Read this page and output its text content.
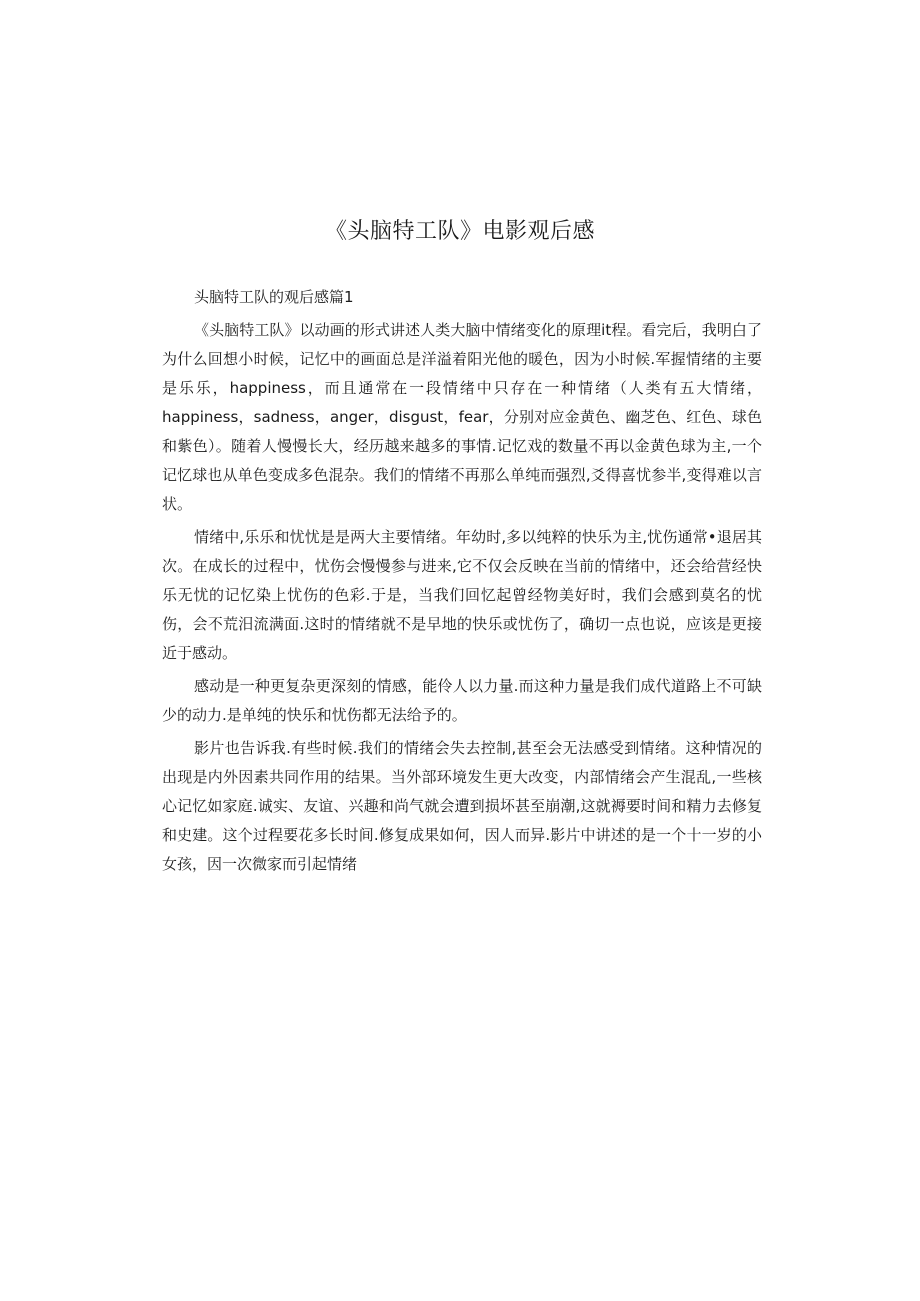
《头脑特工队》电影观后感

头脑特工队的观后感篇1

《头脑特工队》以动画的形式讲述人类大脑中情绪变化的原理it程。看完后，我明白了为什么回想小时候，记忆中的画面总是洋溢着阳光他的暖色，因为小时候.军握情绪的主要是乐乐，happiness，而且通常在一段情绪中只存在一种情绪（人类有五大情绪，happiness，sadness，anger，disgust，fear，分别对应金黄色、幽芝色、红色、球色和紫色）。随着人慢慢长大，经历越来越多的事情.记忆戏的数量不再以金黄色球为主,一个记忆球也从单色变成多色混杂。我们的情绪不再那么单纯而强烈,爻得喜忧参半,变得难以言状。

情绪中,乐乐和忧忧是是两大主要情绪。年幼时,多以纯粹的快乐为主,忧伤通常•退居其次。在成长的过程中，忧伤会慢慢参与进来,它不仅会反映在当前的情绪中，还会给营经快乐无忧的记忆染上忧伤的色彩.于是，当我们回忆起曾经物美好时，我们会感到莫名的忧伤，会不荒汨流满面.这时的情绪就不是早地的快乐或忧伤了，确切一点也说，应该是更接近于感动。

感动是一种更复杂更深刻的情感，能伶人以力量.而这种力量是我们成代道路上不可缺少的动力.是单纯的快乐和忧伤都无法给予的。

影片也告诉我.有些时候.我们的情绪会失去控制,甚至会无法感受到情绪。这种情况的出现是内外因素共同作用的结果。当外部环境发生更大改变，内部情绪会产生混乱,一些核心记忆如家庭.诚实、友谊、兴趣和尚气就会遭到损坏甚至崩潮,这就褥要时间和精力去修复和史建。这个过程要花多长时间.修复成果如何，因人而异.影片中讲述的是一个十一岁的小女孩，因一次微家而引起情绪
